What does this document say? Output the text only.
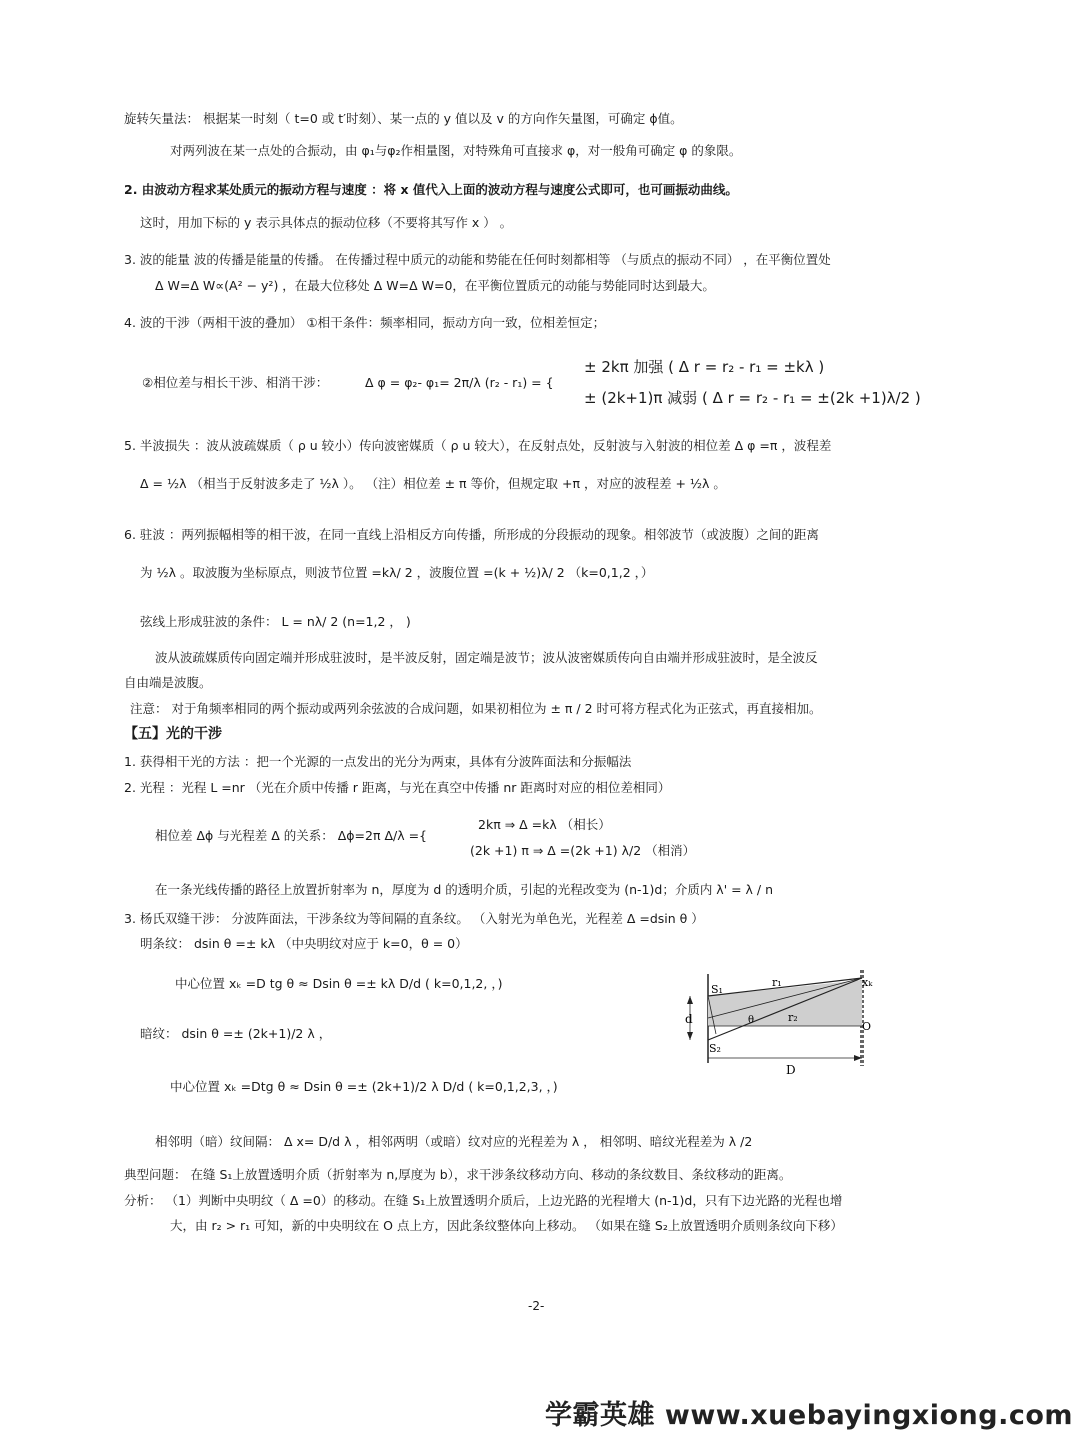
旋转矢量法： 根据某一时刻（ t=0 或 t′时刻）、某一点的 y 值以及 v 的方向作矢量图，可确定 ϕ值。
对两列波在某一点处的合振动，由 φ₁与φ₂作相量图，对特殊角可直接求 φ，对一般角可确定 φ 的象限。
2. 由波动方程求某处质元的振动方程与速度 ：将 x 值代入上面的波动方程与速度公式即可，也可画振动曲线。
这时，用加下标的 y 表示具体点的振动位移（不要将其写作 x ） 。
3. 波的能量 波的传播是能量的传播。 在传播过程中质元的动能和势能在任何时刻都相等 （与质点的振动不同） ，在平衡位置处
Δ W=Δ W∝(A² − y²) ，在最大位移处 Δ W=Δ W=0，在平衡位置质元的动能与势能同时达到最大。
4. 波的干涉（两相干波的叠加） ①相干条件：频率相同，振动方向一致，位相差恒定；
②相位差与相长干涉、相消干涉：	Δ φ = φ₂- φ₁= 2π/λ (r₂ - r₁) = {
± 2kπ 加强 ( Δ r = r₂ - r₁ = ±kλ )
± (2k+1)π 减弱 ( Δ r = r₂ - r₁ = ±(2k +1)λ/2 )
5. 半波损失 ：波从波疏媒质（ ρ u 较小）传向波密媒质（ ρ u 较大），在反射点处，反射波与入射波的相位差 Δ φ =π ，波程差
Δ = ½λ （相当于反射波多走了 ½λ ）。 （注）相位差 ± π 等价，但规定取 +π ，对应的波程差 + ½λ 。
6. 驻波 ：两列振幅相等的相干波，在同一直线上沿相反方向传播，所形成的分段振动的现象。相邻波节（或波腹）之间的距离
为 ½λ 。取波腹为坐标原点，则波节位置 =kλ/ 2 ，波腹位置 =(k + ½)λ/ 2 （k=0,1,2 ，）
弦线上形成驻波的条件： L = nλ/ 2 (n=1,2 ， )
波从波疏媒质传向固定端并形成驻波时，是半波反射，固定端是波节；波从波密媒质传向自由端并形成驻波时，是全波反
自由端是波腹。
注意： 对于角频率相同的两个振动或两列余弦波的合成问题，如果初相位为 ± π / 2 时可将方程式化为正弦式，再直接相加。
【五】光的干涉
1. 获得相干光的方法 ：把一个光源的一点发出的光分为两束，具体有分波阵面法和分振幅法
2. 光程 ：光程 L =nr （光在介质中传播 r 距离，与光在真空中传播 nr 距离时对应的相位差相同）
相位差 Δϕ 与光程差 Δ 的关系： Δϕ=2π Δ/λ ={
2kπ ⇒ Δ =kλ （相长）
(2k +1) π ⇒ Δ =(2k +1) λ/2 （相消）
在一条光线传播的路径上放置折射率为 n，厚度为 d 的透明介质，引起的光程改变为 (n-1)d；介质内 λ' = λ / n
3. 杨氏双缝干涉： 分波阵面法，干涉条纹为等间隔的直条纹。 （入射光为单色光，光程差 Δ =dsin θ ）
明条纹： dsin θ =± kλ （中央明纹对应于 k=0，θ = 0）
中心位置 xₖ =D tg θ ≈ Dsin θ =± kλ D/d ( k=0,1,2, ，)
暗纹： dsin θ =± (2k+1)/2 λ ，
中心位置 xₖ =Dtg θ ≈ Dsin θ =± (2k+1)/2 λ D/d ( k=0,1,2,3, ，)
相邻明（暗）纹间隔： Δ x= D/d λ ，相邻两明（或暗）纹对应的光程差为 λ ， 相邻明、暗纹光程差为 λ /2
典型问题： 在缝 S₁上放置透明介质（折射率为 n,厚度为 b），求干涉条纹移动方向、移动的条纹数目、条纹移动的距离。
分析： （1）判断中央明纹（ Δ =0）的移动。在缝 S₁上放置透明介质后，上边光路的光程增大 (n-1)d，只有下边光路的光程也增
大，由 r₂ > r₁ 可知，新的中央明纹在 O 点上方，因此条纹整体向上移动。 （如果在缝 S₂上放置透明介质则条纹向下移）
S₁
S₂
r₁
r₂
xₖ
θ
d
D
O
-2-
学霸英雄 www.xuebayingxiong.com
